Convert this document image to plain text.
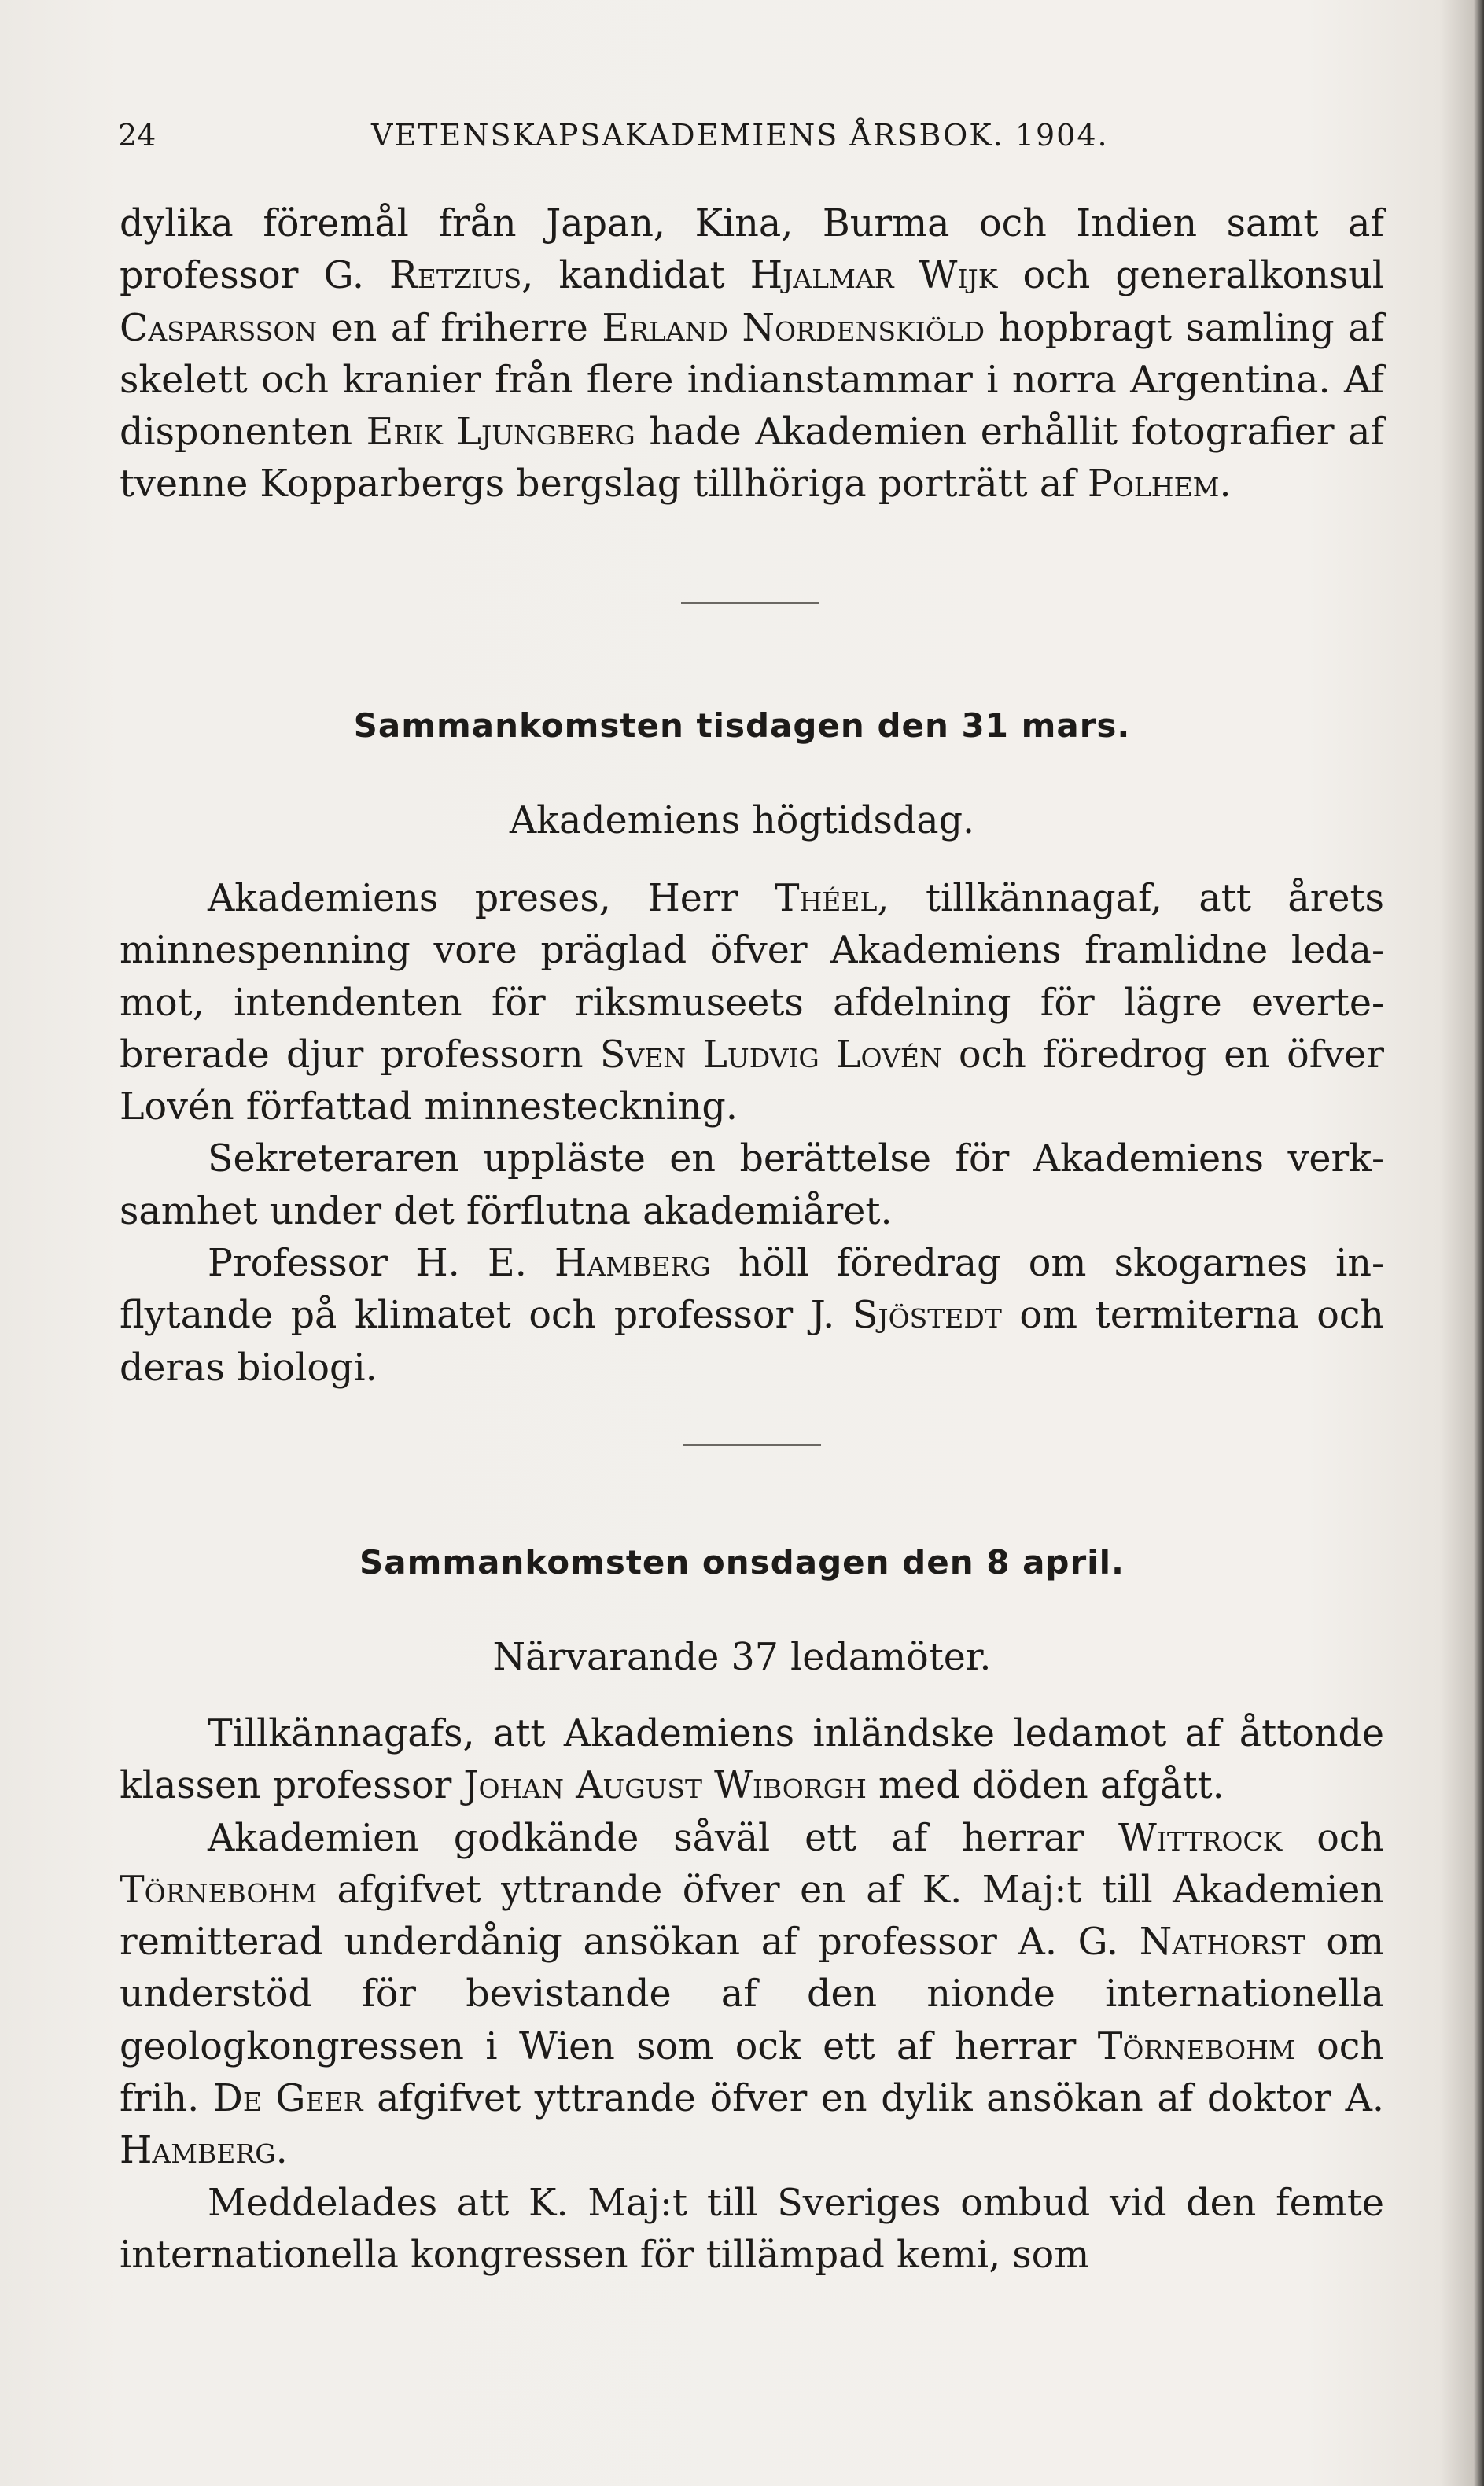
24	VETENSKAPSAKADEMIENS ÅRSBOK. 1904.

dylika föremål från Japan, Kina, Burma och Indien samt af professor G. Retzius, kandidat Hjalmar Wijk och generalkonsul Casparsson en af friherre Erland Nordenskiöld hopbragt samling af skelett och kranier från flere indianstammar i norra Argentina. Af disponenten Erik Ljungberg hade Akademien erhållit fotografier af tvenne Kopparbergs bergslag tillhöriga porträtt af Polhem.

Sammankomsten tisdagen den 31 mars.
Akademiens högtidsdag.

Akademiens preses, Herr Théel, tillkännagaf, att årets minnespenning vore präglad öfver Akademiens framlidne ledamot, intendenten för riksmuseets afdelning för lägre evertebrerade djur professorn Sven Ludvig Lovén och föredrog en öfver Lovén författad minnesteckning.

Sekreteraren uppläste en berättelse för Akademiens verksamhet under det förflutna akademiåret.

Professor H. E. Hamberg höll föredrag om skogarnes inflytande på klimatet och professor J. Sjöstedt om termiterna och deras biologi.

Sammankomsten onsdagen den 8 april.
Närvarande 37 ledamöter.

Tillkännagafs, att Akademiens inländske ledamot af åttonde klassen professor Johan August Wiborgh med döden afgått.

Akademien godkände såväl ett af herrar Wittrock och Törnebohm afgifvet yttrande öfver en af K. Maj:t till Akademien remitterad underdånig ansökan af professor A. G. Nathorst om understöd för bevistande af den nionde internationella geologkongressen i Wien som ock ett af herrar Törnebohm och frih. De Geer afgifvet yttrande öfver en dylik ansökan af doktor A. Hamberg.

Meddelades att K. Maj:t till Sveriges ombud vid den femte internationella kongressen för tillämpad kemi, som
